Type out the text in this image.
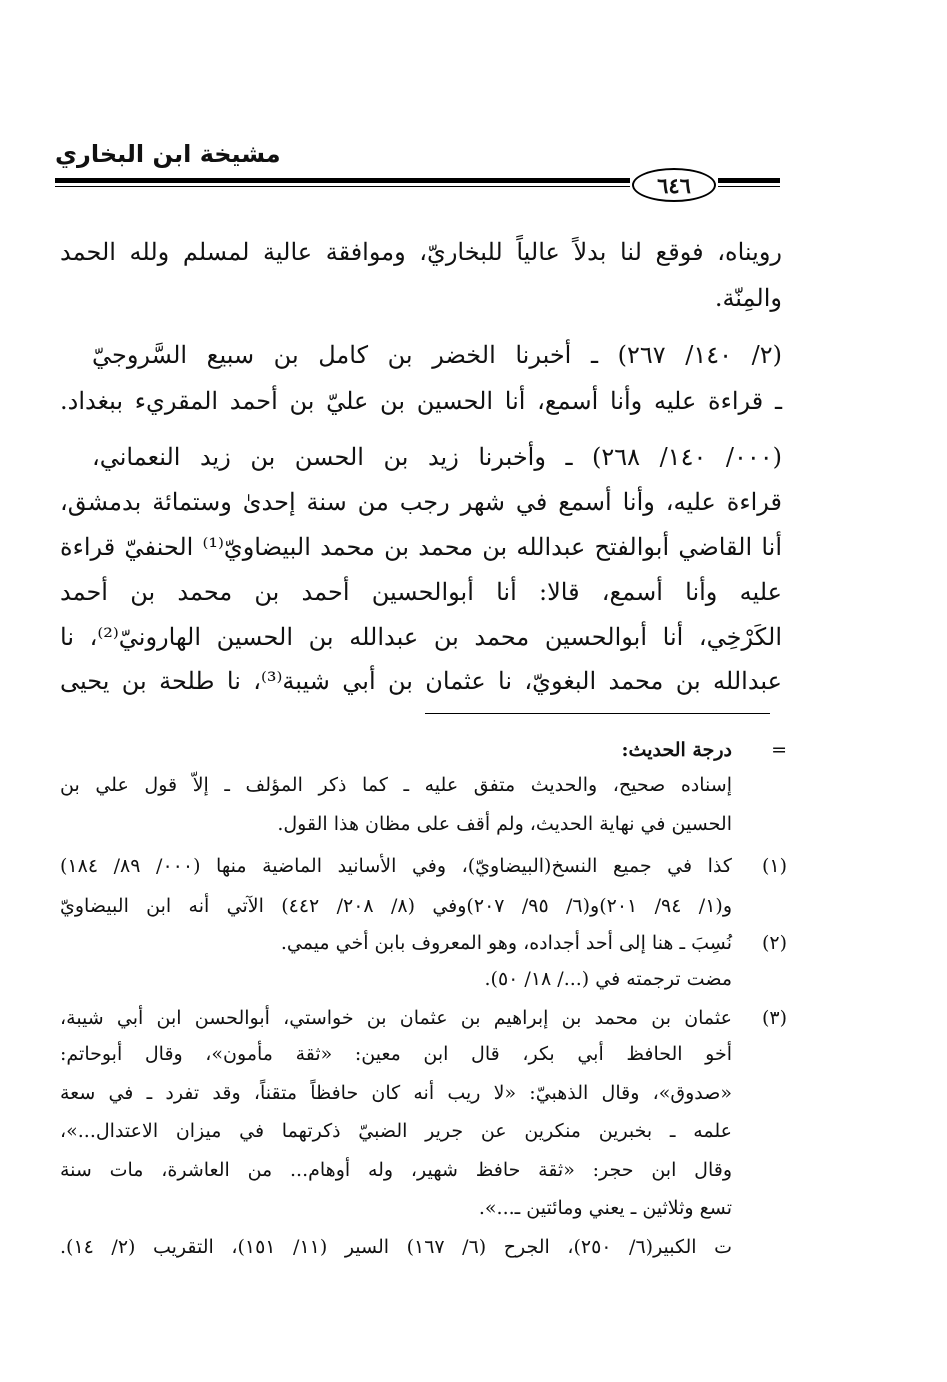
مشيخة ابن البخاري
٦٤٦
رويناه، فوقع لنا بدلاً عالياً للبخاريّ، وموافقة عالية لمسلم ولله الحمد
والمِنّة.
(٢/ ١٤٠/ ٢٦٧) ـ أخبرنا الخضر بن كامل بن سبيع السَّروجيّ
ـ قراءة عليه وأنا أسمع، أنا الحسين بن عليّ بن أحمد المقريء ببغداد.
(٠٠٠/ ١٤٠/ ٢٦٨) ـ وأخبرنا زيد بن الحسن بن زيد النعماني،
قراءة عليه، وأنا أسمع في شهر رجب من سنة إحدىٰ وستمائة بدمشق،
أنا القاضي أبوالفتح عبدالله بن محمد بن محمد البيضاويّ⁽¹⁾ الحنفيّ قراءة
عليه وأنا أسمع، قالا: أنا أبوالحسين أحمد بن محمد بن أحمد
الكَرْخِي، أنا أبوالحسين محمد بن عبدالله بن الحسين الهارونيّ⁽²⁾، نا
عبدالله بن محمد البغويّ، نا عثمان بن أبي شيبة⁽³⁾، نا طلحة بن يحيى
=
درجة الحديث:
إسناده صحيح، والحديث متفق عليه ـ كما ذكر المؤلف ـ إلاّ قول علي بن
الحسين في نهاية الحديث، ولم أقف على مظان هذا القول.
(١)
كذا في جميع النسخ(البيضاويّ)، وفي الأسانيد الماضية منها (٠٠٠/ ٨٩/ ١٨٤)
و(١/ ٩٤/ ٢٠١)و(٦/ ٩٥/ ٢٠٧)وفي (٨/ ٢٠٨/ ٤٤٢) الآتي أنه ابن البيضاويّ
(٢)
نُسِبَ ـ هنا إلى أحد أجداده، وهو المعروف بابن أخي ميمي.
مضت ترجمته في (.../ ١٨/ ٥٠).
(٣)
عثمان بن محمد بن إبراهيم بن عثمان بن خواستي، أبوالحسن ابن أبي شيبة،
أخو الحافظ أبي بكر، قال ابن معين: «ثقة مأمون»، وقال أبوحاتم:
«صدوق»، وقال الذهبيّ: «لا ريب أنه كان حافظاً متقناً، وقد تفرد ـ في سعة
علمه ـ بخبرين منكرين عن جرير الضبيّ ذكرتهما في ميزان الاعتدال...»،
وقال ابن حجر: «ثقة حافظ شهير، وله أوهام... من العاشرة، مات سنة
تسع وثلاثين ـ يعني ومائتين ـ...».
ت الكبير(٦/ ٢٥٠)، الجرح (٦/ ١٦٧) السير (١١/ ١٥١)، التقريب (٢/ ١٤).
